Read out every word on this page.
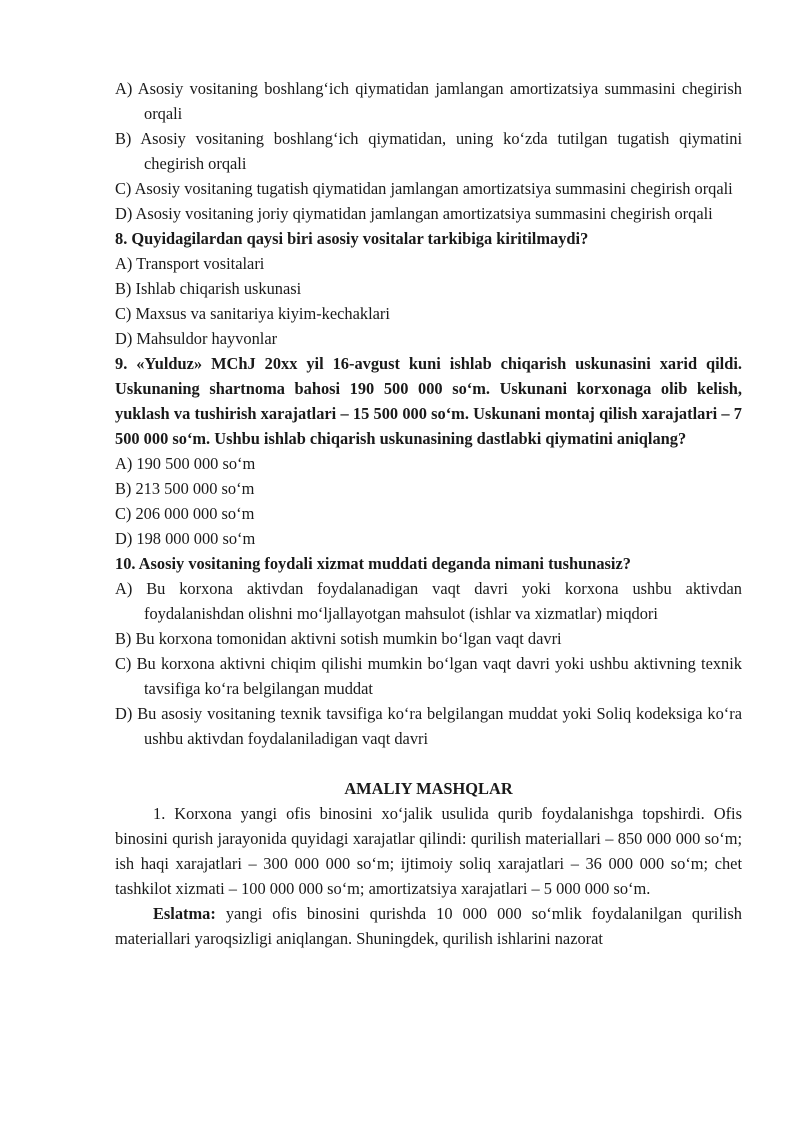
A) Asosiy vositaning boshlang‘ich qiymatidan jamlangan amortizatsiya summasini chegirish orqali
B) Asosiy vositaning boshlang‘ich qiymatidan, uning ko‘zda tutilgan tugatish qiymatini chegirish orqali
C) Asosiy vositaning tugatish qiymatidan jamlangan amortizatsiya summasini chegirish orqali
D) Asosiy vositaning joriy qiymatidan jamlangan amortizatsiya summasini chegirish orqali
8. Quyidagilardan qaysi biri asosiy vositalar tarkibiga kiritilmaydi?
A) Transport vositalari
B) Ishlab chiqarish uskunasi
C) Maxsus va sanitariya kiyim-kechaklari
D) Mahsuldor hayvonlar
9. «Yulduz» MChJ 20xx yil 16-avgust kuni ishlab chiqarish uskunasini xarid qildi. Uskunaning shartnoma bahosi 190 500 000 so‘m. Uskunani korxonaga olib kelish, yuklash va tushirish xarajatlari – 15 500 000 so‘m. Uskunani montaj qilish xarajatlari – 7 500 000 so‘m. Ushbu ishlab chiqarish uskunasining dastlabki qiymatini aniqlang?
A) 190 500 000 so‘m
B) 213 500 000 so‘m
C) 206 000 000 so‘m
D) 198 000 000 so‘m
10. Asosiy vositaning foydali xizmat muddati deganda nimani tushunasiz?
A) Bu korxona aktivdan foydalanadigan vaqt davri yoki korxona ushbu aktivdan foydalanishdan olishni mo‘ljallayotgan mahsulot (ishlar va xizmatlar) miqdori
B) Bu korxona tomonidan aktivni sotish mumkin bo‘lgan vaqt davri
C) Bu korxona aktivni chiqim qilishi mumkin bo‘lgan vaqt davri yoki ushbu aktivning texnik tavsifiga ko‘ra belgilangan muddat
D) Bu asosiy vositaning texnik tavsifiga ko‘ra belgilangan muddat yoki Soliq kodeksiga ko‘ra ushbu aktivdan foydalaniladigan vaqt davri
AMALIY MASHQLAR
1. Korxona yangi ofis binosini xo‘jalik usulida qurib foydalanishga topshirdi. Ofis binosini qurish jarayonida quyidagi xarajatlar qilindi: qurilish materiallari – 850 000 000 so‘m; ish haqi xarajatlari – 300 000 000 so‘m; ijtimoiy soliq xarajatlari – 36 000 000 so‘m; chet tashkilot xizmati – 100 000 000 so‘m; amortizatsiya xarajatlari – 5 000 000 so‘m.
Eslatma: yangi ofis binosini qurishda 10 000 000 so‘mlik foydalanilgan qurilish materiallari yaroqsizligi aniqlangan. Shuningdek, qurilish ishlarini nazorat
